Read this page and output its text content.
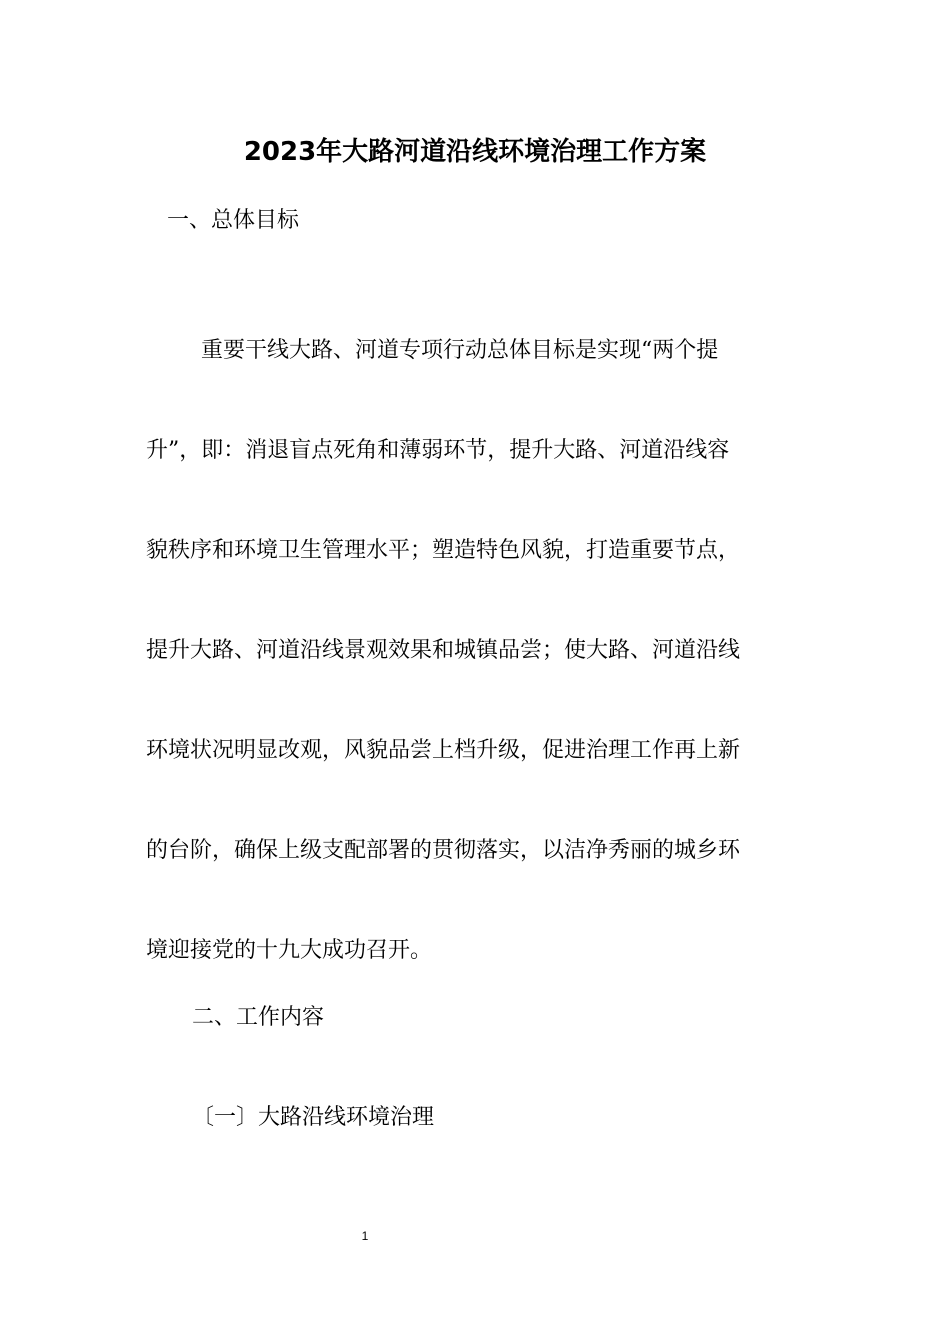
2023年大路河道沿线环境治理工作方案
一、总体目标
重要干线大路、河道专项行动总体目标是实现“两个提
升”，即：消退盲点死角和薄弱环节，提升大路、河道沿线容
貌秩序和环境卫生管理水平；塑造特色风貌，打造重要节点，
提升大路、河道沿线景观效果和城镇品尝；使大路、河道沿线
环境状况明显改观，风貌品尝上档升级，促进治理工作再上新
的台阶，确保上级支配部署的贯彻落实，以洁净秀丽的城乡环
境迎接党的十九大成功召开。
二、工作内容
〔一〕大路沿线环境治理
1
